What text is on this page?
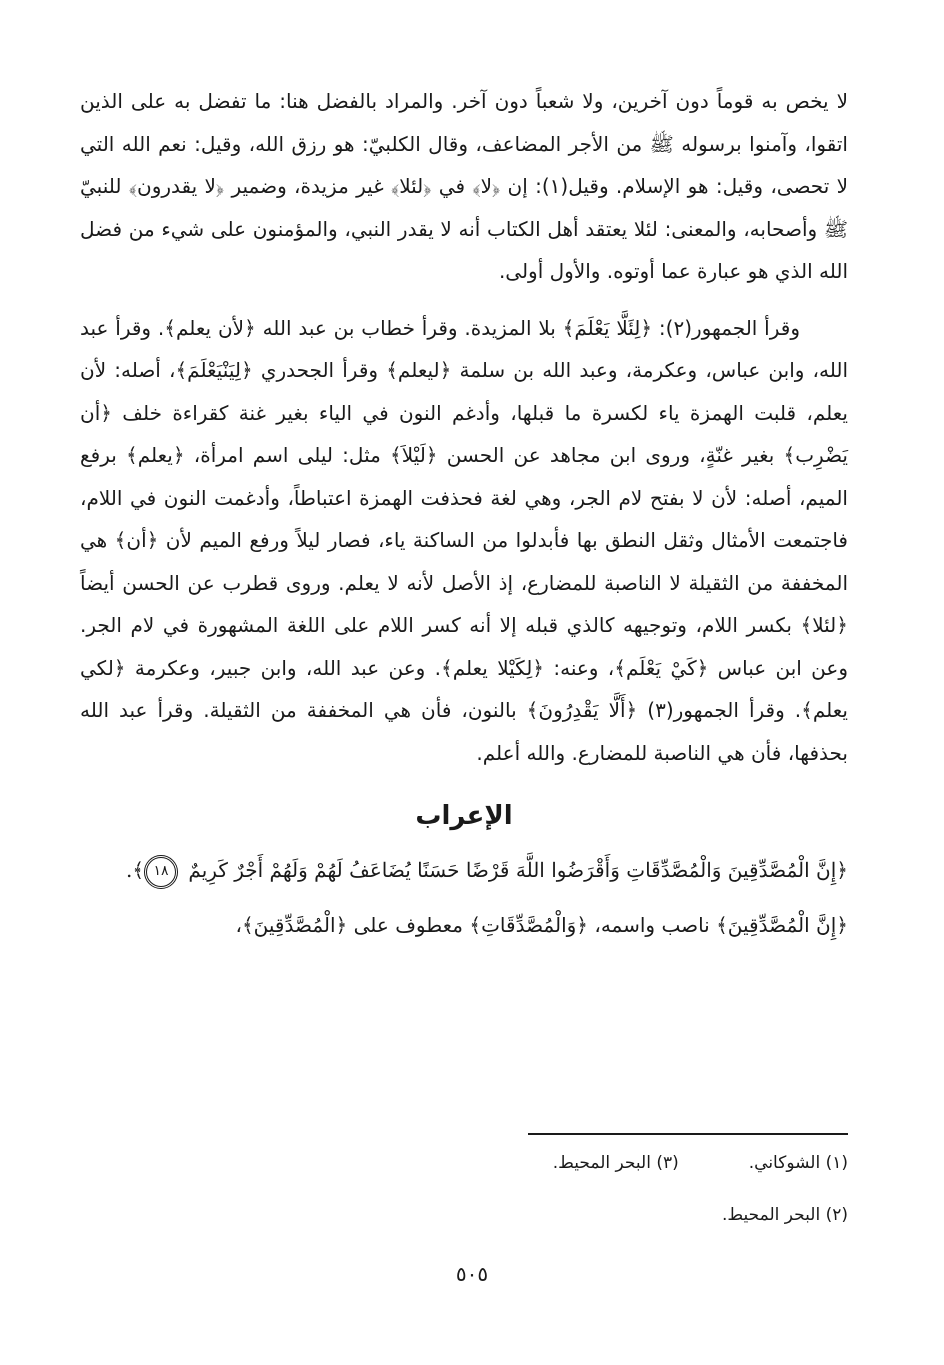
لا يخص به قوماً دون آخرين، ولا شعباً دون آخر. والمراد بالفضل هنا: ما تفضل به على الذين اتقوا، وآمنوا برسوله ﷺ من الأجر المضاعف، وقال الكلبيّ: هو رزق الله، وقيل: نعم الله التي لا تحصى، وقيل: هو الإسلام. وقيل(١): إن ﴿لا﴾ في ﴿لئلا﴾ غير مزيدة، وضمير ﴿لا يقدرون﴾ للنبيّ ﷺ وأصحابه، والمعنى: لئلا يعتقد أهل الكتاب أنه لا يقدر النبي، والمؤمنون على شيء من فضل الله الذي هو عبارة عما أوتوه. والأول أولى.

وقرأ الجمهور(٢): ﴿لِئَلَّا يَعْلَمَ﴾ بلا المزيدة. وقرأ خطاب بن عبد الله ﴿لأن يعلم﴾. وقرأ عبد الله، وابن عباس، وعكرمة، وعبد الله بن سلمة ﴿ليعلم﴾ وقرأ الجحدري ﴿لِيَنْيَعْلَمَ﴾، أصله: لأن يعلم، قلبت الهمزة ياء لكسرة ما قبلها، وأدغم النون في الياء بغير غنة كقراءة خلف ﴿أن يَضْرِب﴾ بغير غنّةٍ، وروى ابن مجاهد عن الحسن ﴿لَيْلاَ﴾ مثل: ليلى اسم امرأة، ﴿يعلم﴾ برفع الميم، أصله: لأن لا بفتح لام الجر، وهي لغة فحذفت الهمزة اعتباطاً، وأدغمت النون في اللام، فاجتمعت الأمثال وثقل النطق بها فأبدلوا من الساكنة ياء، فصار ليلاً ورفع الميم لأن ﴿أن﴾ هي المخففة من الثقيلة لا الناصبة للمضارع، إذ الأصل لأنه لا يعلم. وروى قطرب عن الحسن أيضاً ﴿لئلا﴾ بكسر اللام، وتوجيهه كالذي قبله إلا أنه كسر اللام على اللغة المشهورة في لام الجر. وعن ابن عباس ﴿كَيْ يَعْلَم﴾، وعنه: ﴿لِكَيْلا يعلم﴾. وعن عبد الله، وابن جبير، وعكرمة ﴿لكي يعلم﴾. وقرأ الجمهور(٣) ﴿أَلَّا يَقْدِرُونَ﴾ بالنون، فأن هي المخففة من الثقيلة. وقرأ عبد الله بحذفها، فأن هي الناصبة للمضارع. والله أعلم.

الإعراب

﴿إِنَّ الْمُصَّدِّقِينَ وَالْمُصَّدِّقَاتِ وَأَقْرَضُوا اللَّهَ قَرْضًا حَسَنًا يُضَاعَفُ لَهُمْ وَلَهُمْ أَجْرٌ كَرِيمٌ ١٨﴾.

﴿إِنَّ الْمُصَّدِّقِينَ﴾ ناصب واسمه، ﴿وَالْمُصَّدِّقَاتِ﴾ معطوف على ﴿الْمُصَّدِّقِينَ﴾،

(١) الشوكاني.
(٣) البحر المحيط.
(٢) البحر المحيط.
٥٠٥
